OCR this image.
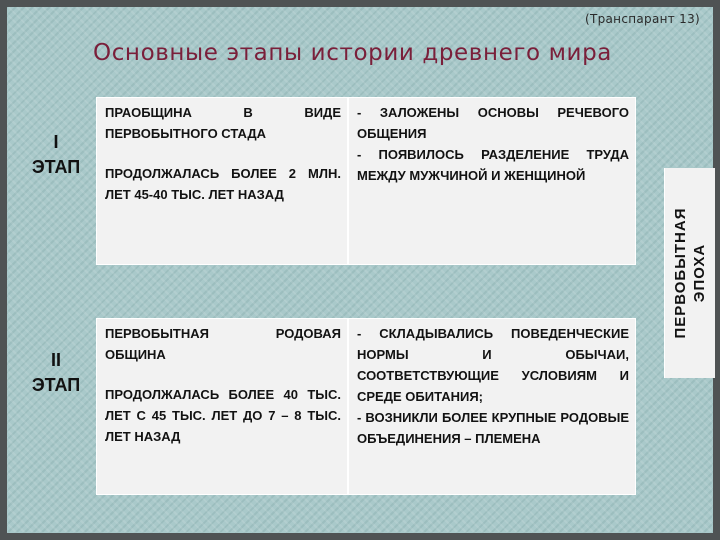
(Транспарант 13)
Основные этапы истории древнего мира
I
ЭТАП

ПРАОБЩИНА В ВИДЕ ПЕРВОБЫТНОГО СТАДА

ПРОДОЛЖАЛАСЬ БОЛЕЕ 2 МЛН. ЛЕТ 45-40 ТЫС. ЛЕТ НАЗАД

- ЗАЛОЖЕНЫ ОСНОВЫ РЕЧЕВОГО ОБЩЕНИЯ

- ПОЯВИЛОСЬ РАЗДЕЛЕНИЕ ТРУДА МЕЖДУ МУЖЧИНОЙ И ЖЕНЩИНОЙ

II
ЭТАП

ПЕРВОБЫТНАЯ РОДОВАЯ ОБЩИНА

ПРОДОЛЖАЛАСЬ БОЛЕЕ 40 ТЫС. ЛЕТ С 45 ТЫС. ЛЕТ ДО 7 – 8 ТЫС. ЛЕТ НАЗАД

- СКЛАДЫВАЛИСЬ ПОВЕДЕНЧЕСКИЕ НОРМЫ И ОБЫЧАИ, СООТВЕТСТВУЮЩИЕ УСЛОВИЯМ И СРЕДЕ ОБИТАНИЯ;

- ВОЗНИКЛИ БОЛЕЕ КРУПНЫЕ РОДОВЫЕ ОБЪЕДИНЕНИЯ – ПЛЕМЕНА

ПЕРВОБЫТНАЯ ЭПОХА
